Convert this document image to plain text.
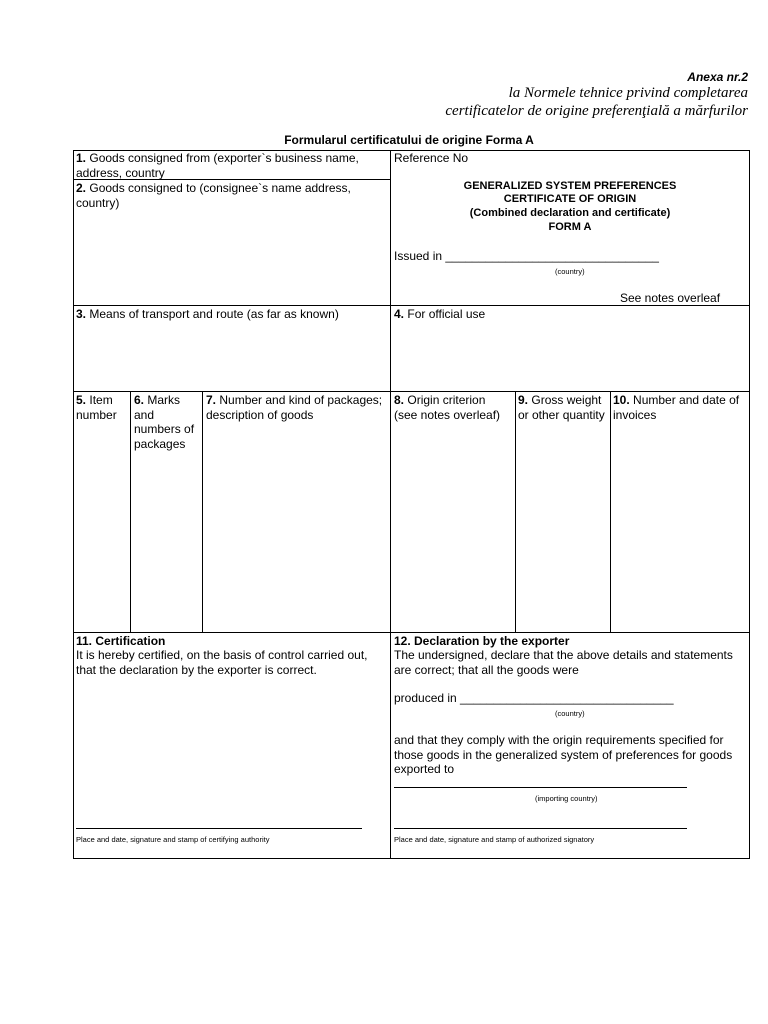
Anexa nr.2
la Normele tehnice privind completarea
certificatelor de origine preferenţială a mărfurilor
Formularul certificatului de origine Forma A
1. Goods consigned from (exporter`s business name, address, country
2. Goods consigned to (consignee`s name address, country)
Reference No
GENERALIZED SYSTEM PREFERENCES
CERTIFICATE OF ORIGIN
(Combined declaration and certificate)
FORM A
Issued in ________________________________
(country)
See notes overleaf
3. Means of transport and route (as far as known)	4. For official use
5. Item number
6. Marks and numbers of packages
7. Number and kind of packages; description of goods
8. Origin criterion (see notes overleaf)
9. Gross weight or other quantity
10. Number and date of invoices
11. Certification
It is hereby certified, on the basis of control carried out, that the declaration by the exporter is correct.
Place and date, signature and stamp of certifying authority
12. Declaration by the exporter
The undersigned, declare that the above details and statements are correct; that all the goods were
produced in ________________________________
(country)
and that they comply with the origin requirements specified for those goods in the generalized system of preferences for goods exported to
(importing country)
Place and date, signature and stamp of authorized signatory
